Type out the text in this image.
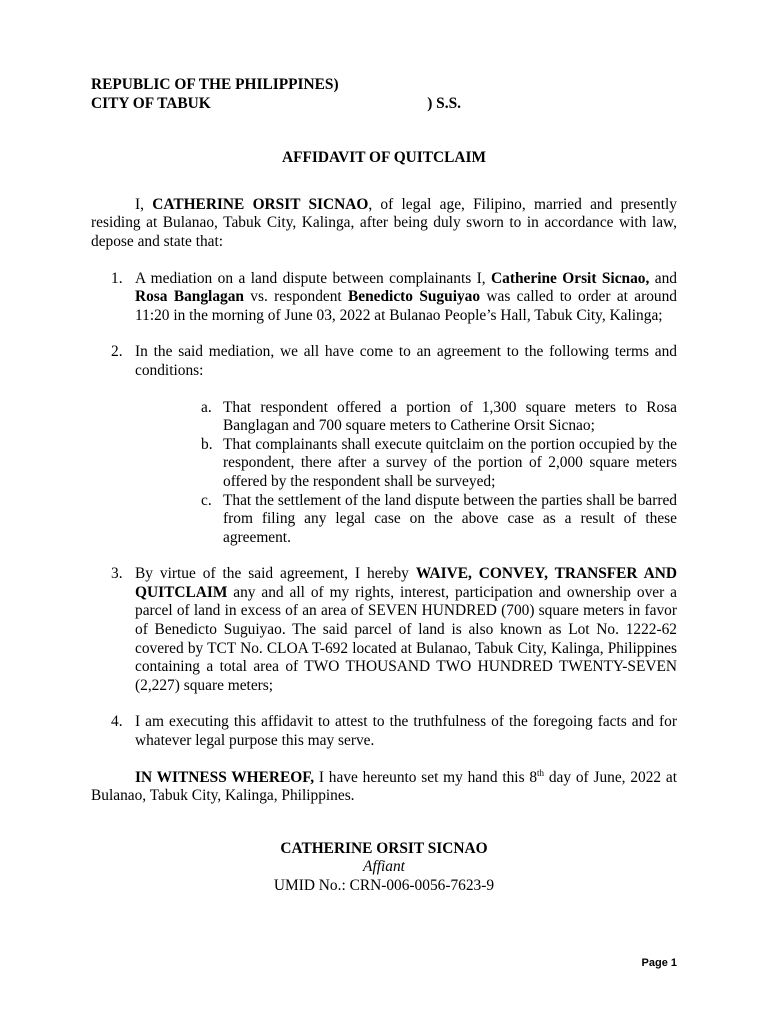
REPUBLIC OF THE PHILIPPINES)
CITY OF TABUK	) S.S.
AFFIDAVIT OF QUITCLAIM

I, CATHERINE ORSIT SICNAO, of legal age, Filipino, married and presently residing at Bulanao, Tabuk City, Kalinga, after being duly sworn to in accordance with law, depose and state that:

1. A mediation on a land dispute between complainants I, Catherine Orsit Sicnao, and Rosa Banglagan vs. respondent Benedicto Suguiyao was called to order at around 11:20 in the morning of June 03, 2022 at Bulanao People’s Hall, Tabuk City, Kalinga;
2. In the said mediation, we all have come to an agreement to the following terms and conditions:
a. That respondent offered a portion of 1,300 square meters to Rosa Banglagan and 700 square meters to Catherine Orsit Sicnao;
b. That complainants shall execute quitclaim on the portion occupied by the respondent, there after a survey of the portion of 2,000 square meters offered by the respondent shall be surveyed;
c. That the settlement of the land dispute between the parties shall be barred from filing any legal case on the above case as a result of these agreement.
3. By virtue of the said agreement, I hereby WAIVE, CONVEY, TRANSFER AND QUITCLAIM any and all of my rights, interest, participation and ownership over a parcel of land in excess of an area of SEVEN HUNDRED (700) square meters in favor of Benedicto Suguiyao. The said parcel of land is also known as Lot No. 1222-62 covered by TCT No. CLOA T-692 located at Bulanao, Tabuk City, Kalinga, Philippines containing a total area of TWO THOUSAND TWO HUNDRED TWENTY-SEVEN (2,227) square meters;
4. I am executing this affidavit to attest to the truthfulness of the foregoing facts and for whatever legal purpose this may serve.

IN WITNESS WHEREOF, I have hereunto set my hand this 8th day of June, 2022 at Bulanao, Tabuk City, Kalinga, Philippines.

CATHERINE ORSIT SICNAO
Affiant
UMID No.: CRN-006-0056-7623-9
Page 1
